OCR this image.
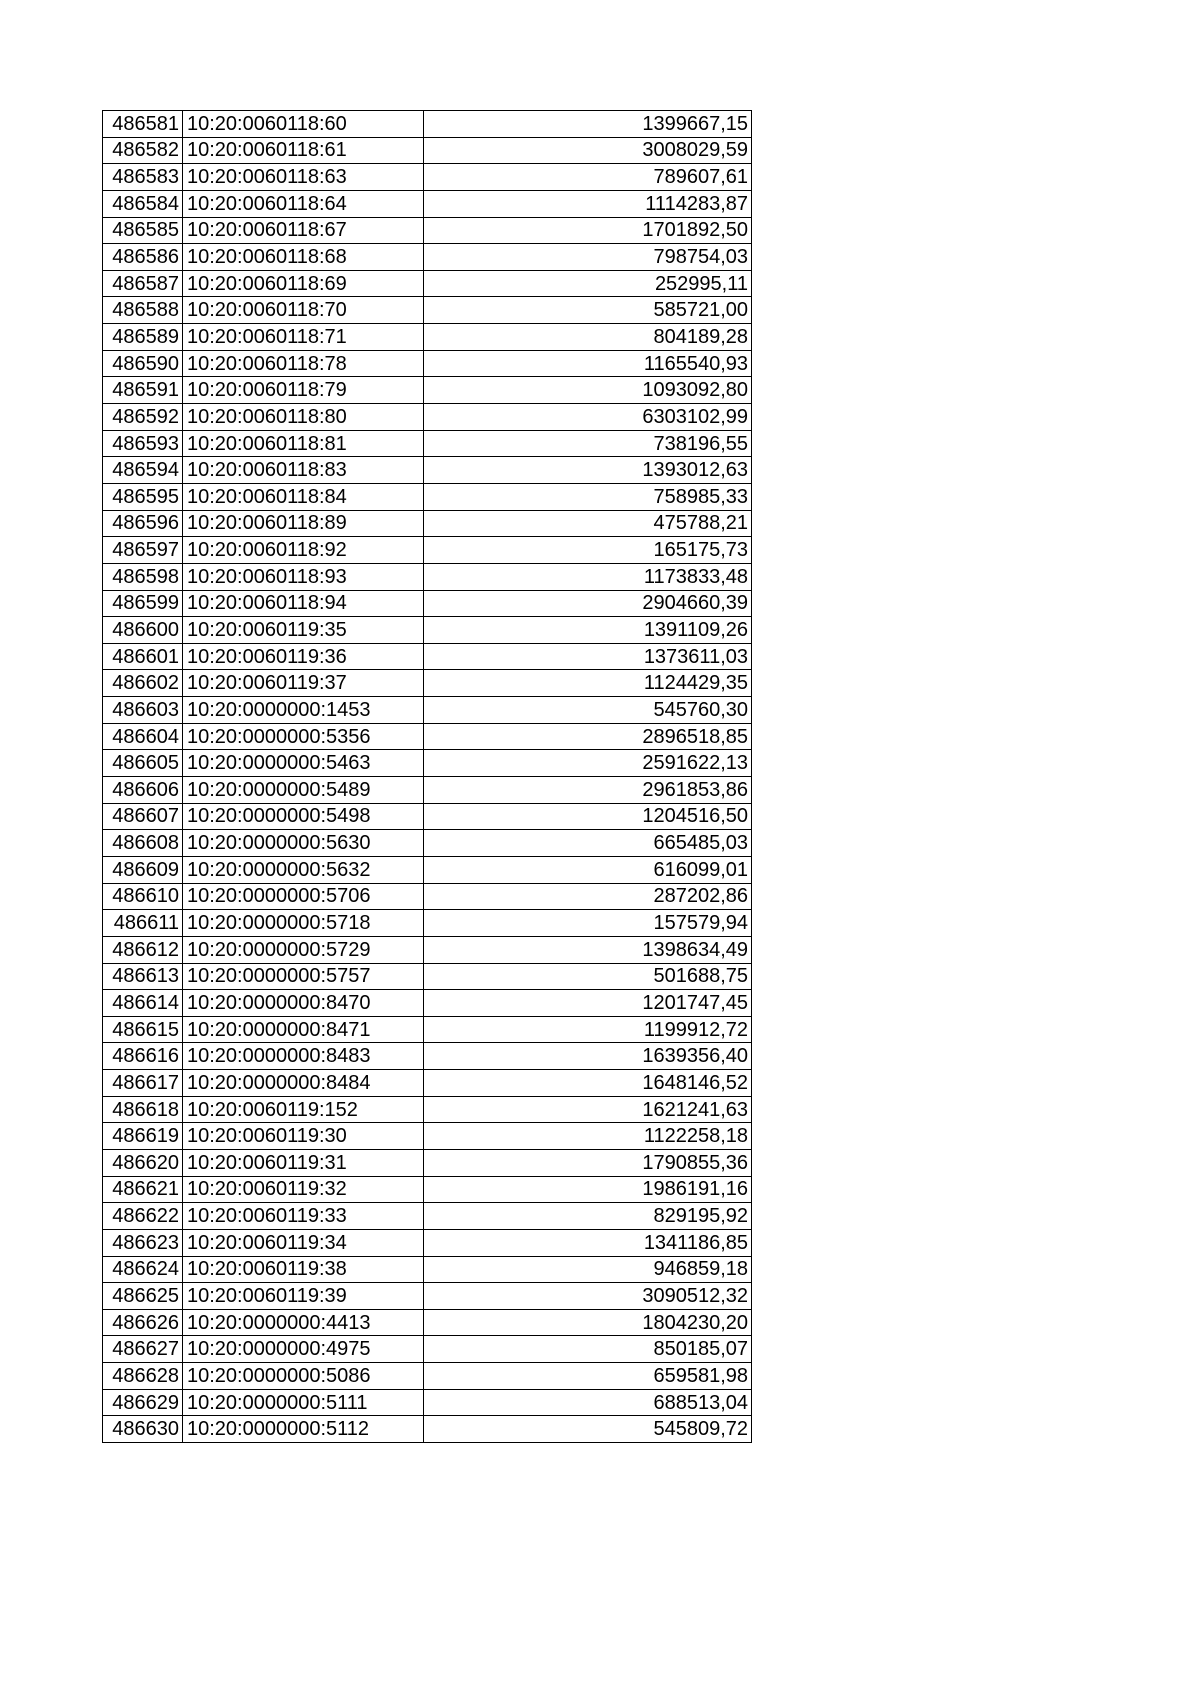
486581	10:20:0060118:60	1399667,15
486582	10:20:0060118:61	3008029,59
486583	10:20:0060118:63	789607,61
486584	10:20:0060118:64	1114283,87
486585	10:20:0060118:67	1701892,50
486586	10:20:0060118:68	798754,03
486587	10:20:0060118:69	252995,11
486588	10:20:0060118:70	585721,00
486589	10:20:0060118:71	804189,28
486590	10:20:0060118:78	1165540,93
486591	10:20:0060118:79	1093092,80
486592	10:20:0060118:80	6303102,99
486593	10:20:0060118:81	738196,55
486594	10:20:0060118:83	1393012,63
486595	10:20:0060118:84	758985,33
486596	10:20:0060118:89	475788,21
486597	10:20:0060118:92	165175,73
486598	10:20:0060118:93	1173833,48
486599	10:20:0060118:94	2904660,39
486600	10:20:0060119:35	1391109,26
486601	10:20:0060119:36	1373611,03
486602	10:20:0060119:37	1124429,35
486603	10:20:0000000:1453	545760,30
486604	10:20:0000000:5356	2896518,85
486605	10:20:0000000:5463	2591622,13
486606	10:20:0000000:5489	2961853,86
486607	10:20:0000000:5498	1204516,50
486608	10:20:0000000:5630	665485,03
486609	10:20:0000000:5632	616099,01
486610	10:20:0000000:5706	287202,86
486611	10:20:0000000:5718	157579,94
486612	10:20:0000000:5729	1398634,49
486613	10:20:0000000:5757	501688,75
486614	10:20:0000000:8470	1201747,45
486615	10:20:0000000:8471	1199912,72
486616	10:20:0000000:8483	1639356,40
486617	10:20:0000000:8484	1648146,52
486618	10:20:0060119:152	1621241,63
486619	10:20:0060119:30	1122258,18
486620	10:20:0060119:31	1790855,36
486621	10:20:0060119:32	1986191,16
486622	10:20:0060119:33	829195,92
486623	10:20:0060119:34	1341186,85
486624	10:20:0060119:38	946859,18
486625	10:20:0060119:39	3090512,32
486626	10:20:0000000:4413	1804230,20
486627	10:20:0000000:4975	850185,07
486628	10:20:0000000:5086	659581,98
486629	10:20:0000000:5111	688513,04
486630	10:20:0000000:5112	545809,72
